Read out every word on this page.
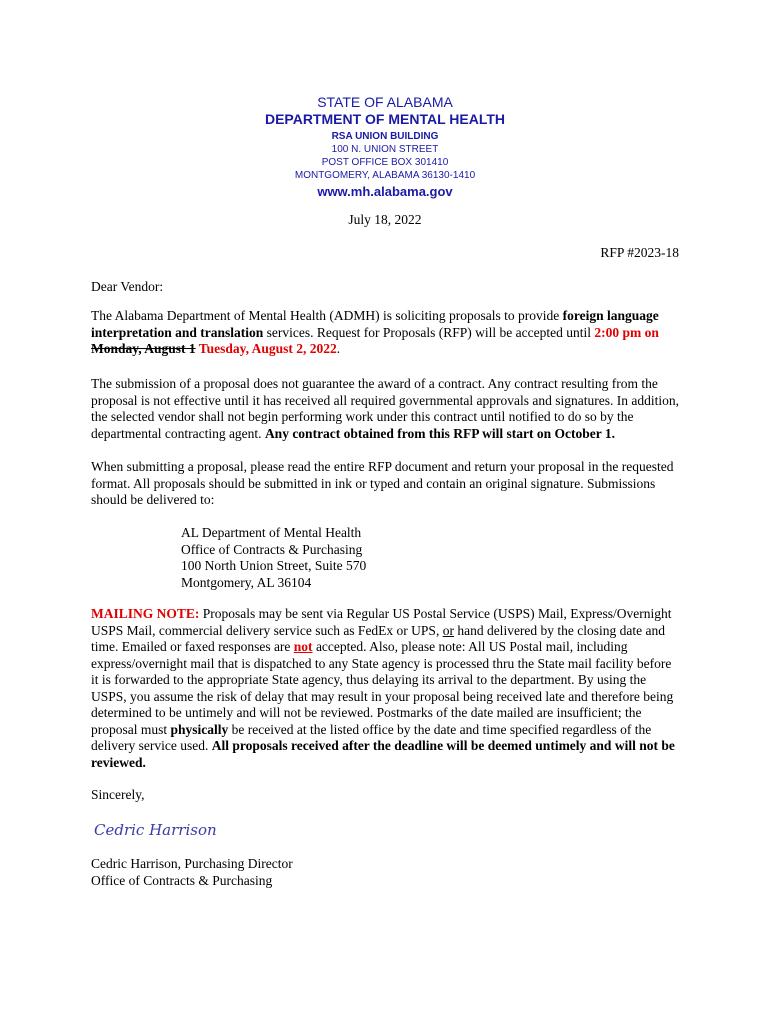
STATE OF ALABAMA
DEPARTMENT OF MENTAL HEALTH
RSA UNION BUILDING
100 N. UNION STREET
POST OFFICE BOX 301410
MONTGOMERY, ALABAMA 36130-1410
www.mh.alabama.gov
July 18, 2022
RFP #2023-18

Dear Vendor:

The Alabama Department of Mental Health (ADMH) is soliciting proposals to provide foreign language interpretation and translation services. Request for Proposals (RFP) will be accepted until 2:00 pm on Monday, August 1 Tuesday, August 2, 2022.

The submission of a proposal does not guarantee the award of a contract. Any contract resulting from the proposal is not effective until it has received all required governmental approvals and signatures. In addition, the selected vendor shall not begin performing work under this contract until notified to do so by the departmental contracting agent. Any contract obtained from this RFP will start on October 1.

When submitting a proposal, please read the entire RFP document and return your proposal in the requested format. All proposals should be submitted in ink or typed and contain an original signature. Submissions should be delivered to:

AL Department of Mental Health
Office of Contracts & Purchasing
100 North Union Street, Suite 570
Montgomery, AL 36104

MAILING NOTE: Proposals may be sent via Regular US Postal Service (USPS) Mail, Express/Overnight USPS Mail, commercial delivery service such as FedEx or UPS, or hand delivered by the closing date and time. Emailed or faxed responses are not accepted. Also, please note: All US Postal mail, including express/overnight mail that is dispatched to any State agency is processed thru the State mail facility before it is forwarded to the appropriate State agency, thus delaying its arrival to the department. By using the USPS, you assume the risk of delay that may result in your proposal being received late and therefore being determined to be untimely and will not be reviewed. Postmarks of the date mailed are insufficient; the proposal must physically be received at the listed office by the date and time specified regardless of the delivery service used. All proposals received after the deadline will be deemed untimely and will not be reviewed.

Sincerely,

Cedric Harrison
Cedric Harrison, Purchasing Director
Office of Contracts & Purchasing
